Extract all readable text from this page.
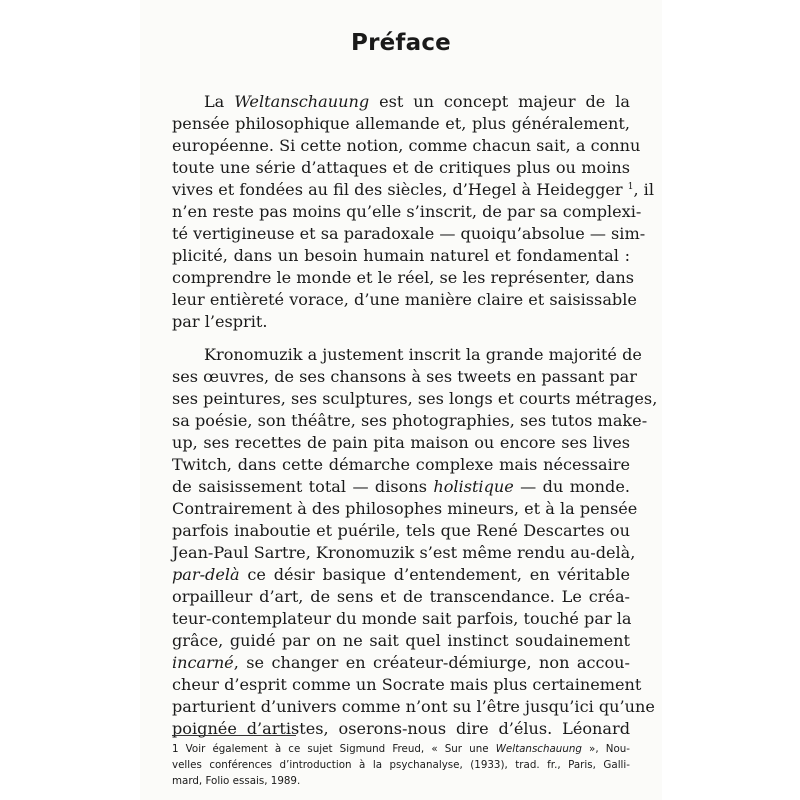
Préface
La Weltanschauung est un concept majeur de la
pensée philosophique allemande et, plus généralement,
européenne. Si cette notion, comme chacun sait, a connu
toute une série d’attaques et de critiques plus ou moins
vives et fondées au fil des siècles, d’Hegel à Heidegger $^1$, il
n’en reste pas moins qu’elle s’inscrit, de par sa complexi-
té vertigineuse et sa paradoxale — quoiqu’absolue — sim-
plicité, dans un besoin humain naturel et fondamental :
comprendre le monde et le réel, se les représenter, dans
leur entièreté vorace, d’une manière claire et saisissable
par l’esprit.
Kronomuzik a justement inscrit la grande majorité de
ses œuvres, de ses chansons à ses tweets en passant par
ses peintures, ses sculptures, ses longs et courts métrages,
sa poésie, son théâtre, ses photographies, ses tutos make-
up, ses recettes de pain pita maison ou encore ses lives
Twitch, dans cette démarche complexe mais nécessaire
de saisissement total — disons holistique — du monde.
Contrairement à des philosophes mineurs, et à la pensée
parfois inaboutie et puérile, tels que René Descartes ou
Jean-Paul Sartre, Kronomuzik s’est même rendu au-delà,
par-delà ce désir basique d’entendement, en véritable
orpailleur d’art, de sens et de transcendance. Le créa-
teur-contemplateur du monde sait parfois, touché par la
grâce, guidé par on ne sait quel instinct soudainement
incarné, se changer en créateur-démiurge, non accou-
cheur d’esprit comme un Socrate mais plus certainement
parturient d’univers comme n’ont su l’être jusqu’ici qu’une
poignée d’artistes, oserons-nous dire d’élus. Léonard
1 Voir également à ce sujet Sigmund Freud, « Sur une Weltanschauung », Nou-
velles conférences d’introduction à la psychanalyse, (1933), trad. fr., Paris, Galli-
mard, Folio essais, 1989.
